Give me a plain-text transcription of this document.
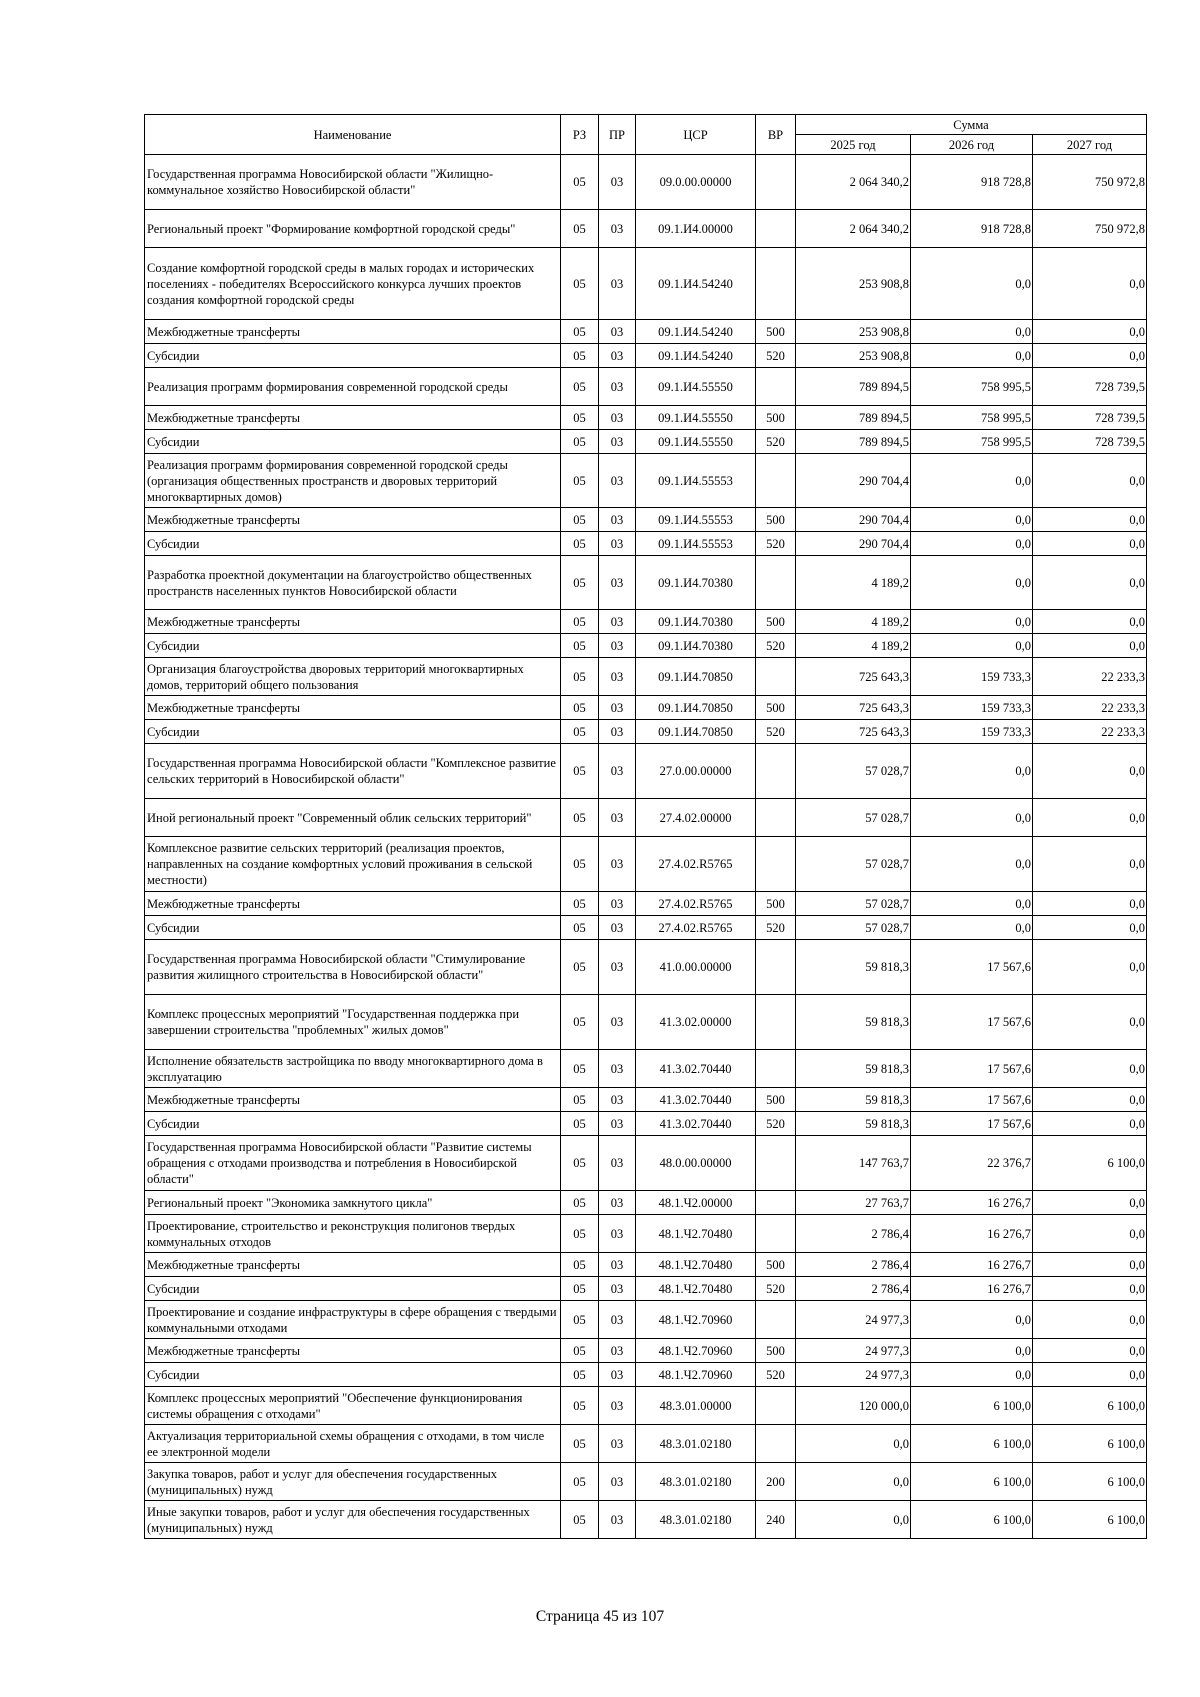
Наименование	РЗ	ПР	ЦСР	ВР	Сумма		
					2025 год	2026 год	2027 год
Государственная программа Новосибирской области "Жилищно-коммунальное хозяйство Новосибирской области"	05	03	09.0.00.00000		2 064 340,2	918 728,8	750 972,8
Региональный проект "Формирование комфортной городской среды"	05	03	09.1.И4.00000		2 064 340,2	918 728,8	750 972,8
Создание комфортной городской среды в малых городах и исторических поселениях - победителях Всероссийского конкурса лучших проектов создания комфортной городской среды	05	03	09.1.И4.54240		253 908,8	0,0	0,0
Межбюджетные трансферты	05	03	09.1.И4.54240	500	253 908,8	0,0	0,0
Субсидии	05	03	09.1.И4.54240	520	253 908,8	0,0	0,0
Реализация программ формирования современной городской среды	05	03	09.1.И4.55550		789 894,5	758 995,5	728 739,5
Межбюджетные трансферты	05	03	09.1.И4.55550	500	789 894,5	758 995,5	728 739,5
Субсидии	05	03	09.1.И4.55550	520	789 894,5	758 995,5	728 739,5
Реализация программ формирования современной городской среды (организация общественных пространств и дворовых территорий многоквартирных домов)	05	03	09.1.И4.55553		290 704,4	0,0	0,0
Межбюджетные трансферты	05	03	09.1.И4.55553	500	290 704,4	0,0	0,0
Субсидии	05	03	09.1.И4.55553	520	290 704,4	0,0	0,0
Разработка проектной документации на благоустройство общественных пространств населенных пунктов Новосибирской области	05	03	09.1.И4.70380		4 189,2	0,0	0,0
Межбюджетные трансферты	05	03	09.1.И4.70380	500	4 189,2	0,0	0,0
Субсидии	05	03	09.1.И4.70380	520	4 189,2	0,0	0,0
Организация благоустройства дворовых территорий многоквартирных домов, территорий общего пользования	05	03	09.1.И4.70850		725 643,3	159 733,3	22 233,3
Межбюджетные трансферты	05	03	09.1.И4.70850	500	725 643,3	159 733,3	22 233,3
Субсидии	05	03	09.1.И4.70850	520	725 643,3	159 733,3	22 233,3
Государственная программа Новосибирской области "Комплексное развитие сельских территорий в Новосибирской области"	05	03	27.0.00.00000		57 028,7	0,0	0,0
Иной региональный проект "Современный облик сельских территорий"	05	03	27.4.02.00000		57 028,7	0,0	0,0
Комплексное развитие сельских территорий (реализация проектов, направленных на создание комфортных условий проживания в сельской местности)	05	03	27.4.02.R5765		57 028,7	0,0	0,0
Межбюджетные трансферты	05	03	27.4.02.R5765	500	57 028,7	0,0	0,0
Субсидии	05	03	27.4.02.R5765	520	57 028,7	0,0	0,0
Государственная программа Новосибирской области "Стимулирование развития жилищного строительства в Новосибирской области"	05	03	41.0.00.00000		59 818,3	17 567,6	0,0
Комплекс процессных мероприятий "Государственная поддержка при завершении строительства "проблемных" жилых домов"	05	03	41.3.02.00000		59 818,3	17 567,6	0,0
Исполнение обязательств застройщика по вводу многоквартирного дома в эксплуатацию	05	03	41.3.02.70440		59 818,3	17 567,6	0,0
Межбюджетные трансферты	05	03	41.3.02.70440	500	59 818,3	17 567,6	0,0
Субсидии	05	03	41.3.02.70440	520	59 818,3	17 567,6	0,0
Государственная программа Новосибирской области "Развитие системы обращения с отходами производства и потребления в Новосибирской области"	05	03	48.0.00.00000		147 763,7	22 376,7	6 100,0
Региональный проект "Экономика замкнутого цикла"	05	03	48.1.Ч2.00000		27 763,7	16 276,7	0,0
Проектирование, строительство и реконструкция полигонов твердых коммунальных отходов	05	03	48.1.Ч2.70480		2 786,4	16 276,7	0,0
Межбюджетные трансферты	05	03	48.1.Ч2.70480	500	2 786,4	16 276,7	0,0
Субсидии	05	03	48.1.Ч2.70480	520	2 786,4	16 276,7	0,0
Проектирование и создание инфраструктуры в сфере обращения с твердыми коммунальными отходами	05	03	48.1.Ч2.70960		24 977,3	0,0	0,0
Межбюджетные трансферты	05	03	48.1.Ч2.70960	500	24 977,3	0,0	0,0
Субсидии	05	03	48.1.Ч2.70960	520	24 977,3	0,0	0,0
Комплекс процессных мероприятий "Обеспечение функционирования системы обращения с отходами"	05	03	48.3.01.00000		120 000,0	6 100,0	6 100,0
Актуализация территориальной схемы обращения с отходами, в том числе ее электронной модели	05	03	48.3.01.02180		0,0	6 100,0	6 100,0
Закупка товаров, работ и услуг для обеспечения государственных (муниципальных) нужд	05	03	48.3.01.02180	200	0,0	6 100,0	6 100,0
Иные закупки товаров, работ и услуг для обеспечения государственных (муниципальных) нужд	05	03	48.3.01.02180	240	0,0	6 100,0	6 100,0
Страница 45 из 107
